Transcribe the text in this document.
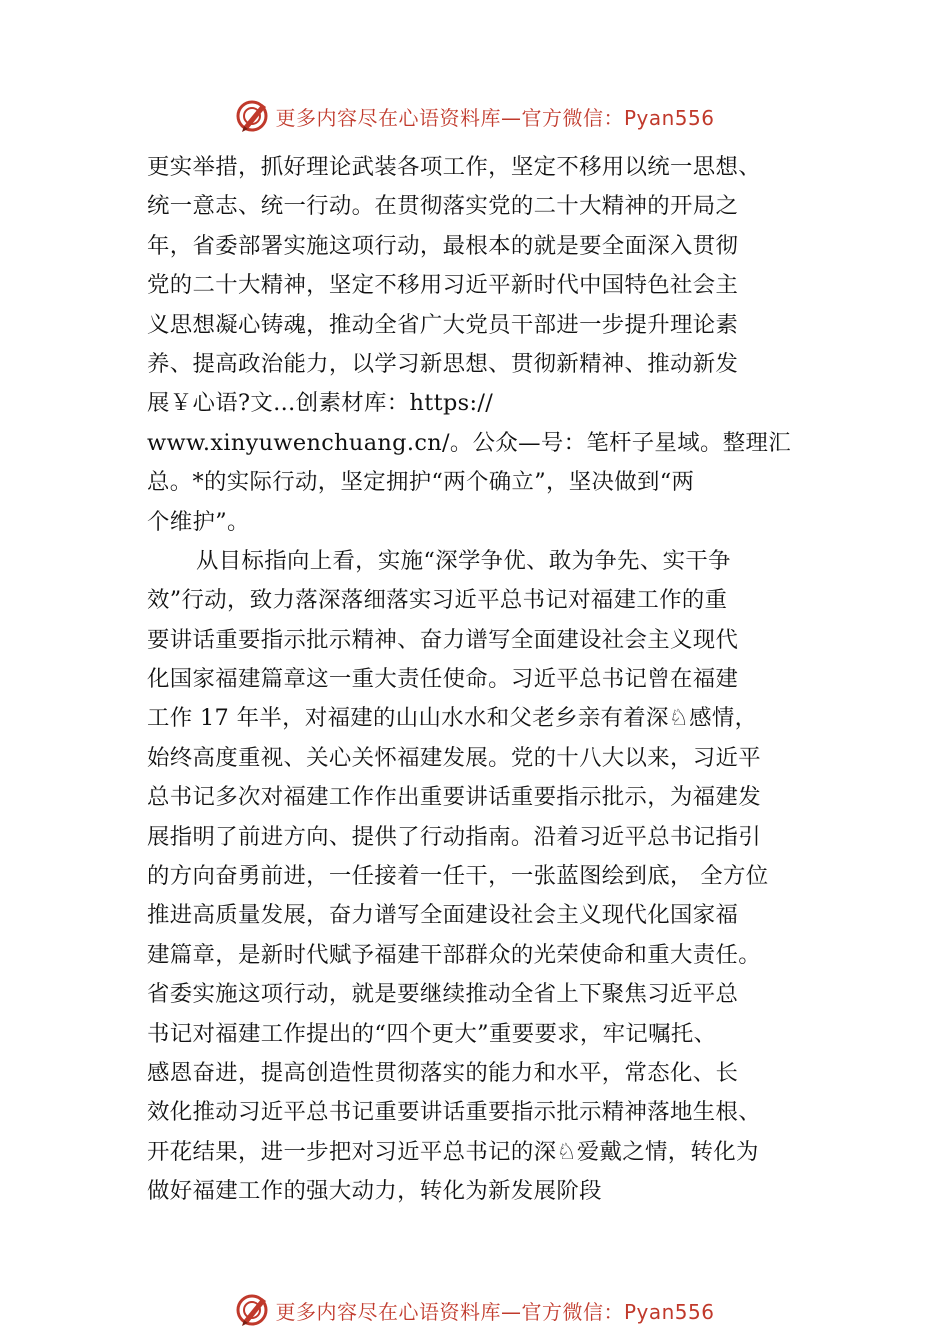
更多内容尽在心语资料库—官方微信：Pyan556
更实举措，抓好理论武装各项工作，坚定不移用以统一思想、
统一意志、统一行动。在贯彻落实党的二十大精神的开局之
年，省委部署实施这项行动，最根本的就是要全面深入贯彻
党的二十大精神，坚定不移用习近平新时代中国特色社会主
义思想凝心铸魂，推动全省广大党员干部进一步提升理论素
养、提高政治能力，以学习新思想、贯彻新精神、推动新发
展￥心语?文…创素材库：https://
www.xinyuwenchuang.cn/。公众—号：笔杆子星域。整理汇
总。*的实际行动，坚定拥护“两个确立”，坚决做到“两
个维护”。
从目标指向上看，实施“深学争优、敢为争先、实干争
效”行动，致力落深落细落实习近平总书记对福建工作的重
要讲话重要指示批示精神、奋力谱写全面建设社会主义现代
化国家福建篇章这一重大责任使命。习近平总书记曾在福建
工作 17 年半，对福建的山山水水和父老乡亲有着深♘感情，
始终高度重视、关心关怀福建发展。党的十八大以来，习近平
总书记多次对福建工作作出重要讲话重要指示批示，为福建发
展指明了前进方向、提供了行动指南。沿着习近平总书记指引
的方向奋勇前进，一任接着一任干，一张蓝图绘到底， 全方位
推进高质量发展，奋力谱写全面建设社会主义现代化国家福
建篇章，是新时代赋予福建干部群众的光荣使命和重大责任。
省委实施这项行动，就是要继续推动全省上下聚焦习近平总
书记对福建工作提出的“四个更大”重要要求，牢记嘱托、
感恩奋进，提高创造性贯彻落实的能力和水平，常态化、长
效化推动习近平总书记重要讲话重要指示批示精神落地生根、
开花结果，进一步把对习近平总书记的深♘爱戴之情，转化为
做好福建工作的强大动力，转化为新发展阶段
更多内容尽在心语资料库—官方微信：Pyan556
